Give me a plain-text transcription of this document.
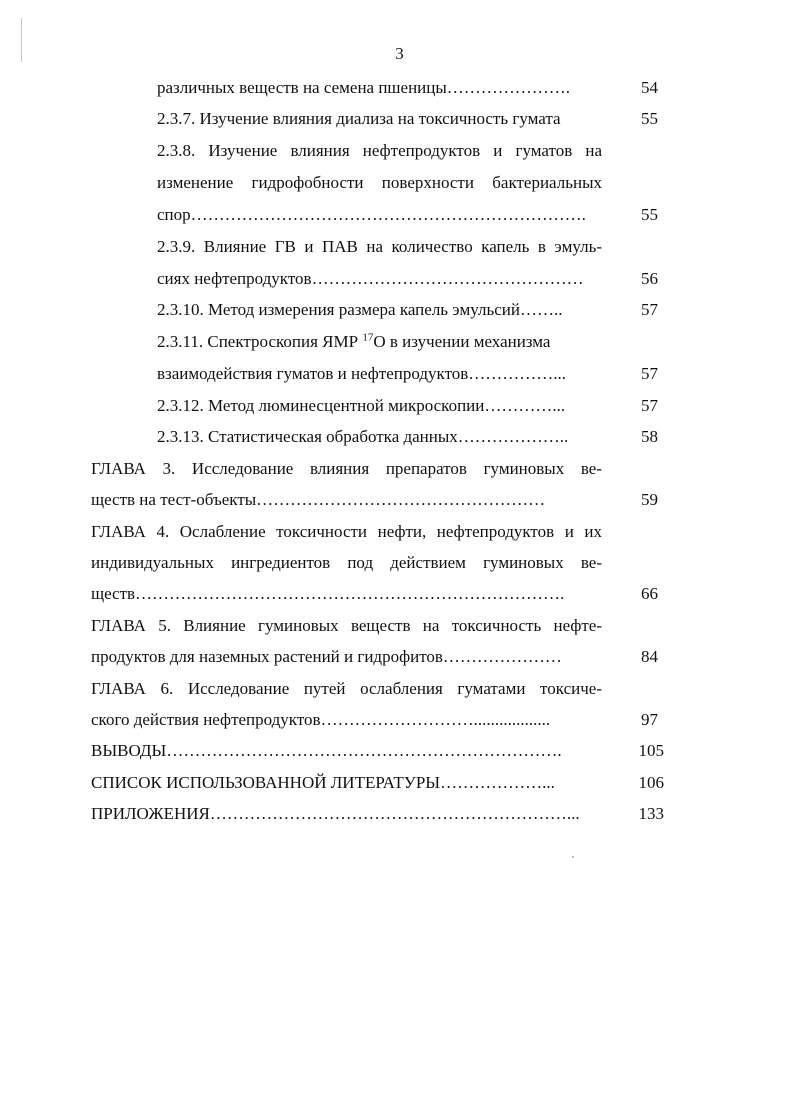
3
различных веществ на семена пшеницы………………….	54
2.3.7. Изучение влияния диализа на токсичность гумата	55
2.3.8. Изучение влияния нефтепродуктов и гуматов на
изменение гидрофобности поверхности бактериальных
спор…………………………………………………………….	55
2.3.9. Влияние ГВ и ПАВ на количество капель в эмуль-
сиях нефтепродуктов…………………………………………	56
2.3.10. Метод измерения размера капель эмульсий……..	57
2.3.11. Спектроскопия ЯМР $^{17}$O в изучении механизма
взаимодействия гуматов и нефтепродуктов……………...	57
2.3.12. Метод люминесцентной микроскопии…………...	57
2.3.13. Статистическая обработка данных………………..	58
ГЛАВА 3. Исследование влияния препаратов гуминовых ве-
ществ на тест-объекты……………………………………………	59
ГЛАВА 4. Ослабление токсичности нефти, нефтепродуктов и их
индивидуальных ингредиентов под действием гуминовых ве-
ществ………………………………………………………………….	66
ГЛАВА 5. Влияние гуминовых веществ на токсичность нефте-
продуктов для наземных растений и гидрофитов…………………	84
ГЛАВА 6. Исследование путей ослабления гуматами токсиче-
ского действия нефтепродуктов………………………..................	97
ВЫВОДЫ…………………………………………………………….	105
СПИСОК ИСПОЛЬЗОВАННОЙ ЛИТЕРАТУРЫ………………...	106
ПРИЛОЖЕНИЯ………………………………………………………...	133
